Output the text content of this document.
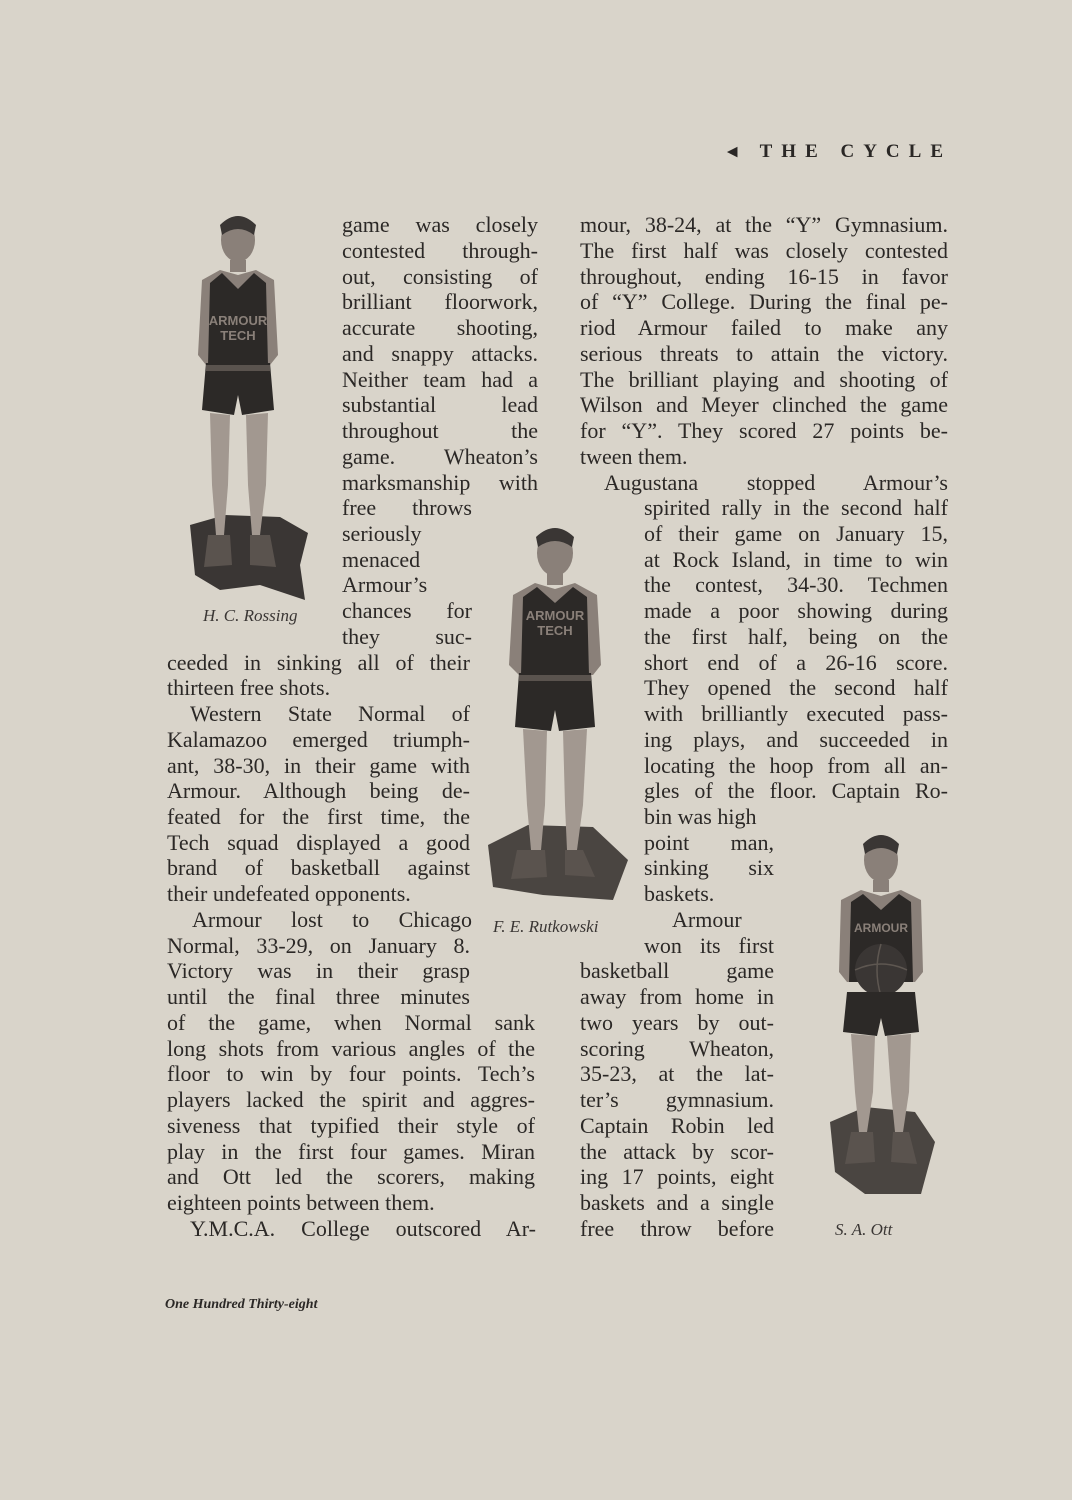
◂ THE CYCLE
ARMOUR
TECH
H. C. Rossing	ARMOUR
TECH
F. E. Rutkowski	ARMOUR
S. A. Ott
game was closely
contested through-
out, consisting of
brilliant floorwork,
accurate shooting,
and snappy attacks.
Neither team had a
substantial lead
throughout the
game. Wheaton’s
marksmanship with
free throws
seriously
menaced
Armour’s
chances for
they suc-
ceeded in sinking all of their
thirteen free shots.
Western State Normal of
Kalamazoo emerged triumph-
ant, 38-30, in their game with
Armour. Although being de-
feated for the first time, the
Tech squad displayed a good
brand of basketball against
their undefeated opponents.
Armour lost to Chicago
Normal, 33-29, on January 8.
Victory was in their grasp
until the final three minutes
of the game, when Normal sank
long shots from various angles of the
floor to win by four points. Tech’s
players lacked the spirit and aggres-
siveness that typified their style of
play in the first four games. Miran
and Ott led the scorers, making
eighteen points between them.
Y.M.C.A. College outscored Ar-
mour, 38-24, at the “Y” Gymnasium.
The first half was closely contested
throughout, ending 16-15 in favor
of “Y” College. During the final pe-
riod Armour failed to make any
serious threats to attain the victory.
The brilliant playing and shooting of
Wilson and Meyer clinched the game
for “Y”. They scored 27 points be-
tween them.
Augustana stopped Armour’s
spirited rally in the second half
of their game on January 15,
at Rock Island, in time to win
the contest, 34-30. Techmen
made a poor showing during
the first half, being on the
short end of a 26-16 score.
They opened the second half
with brilliantly executed pass-
ing plays, and succeeded in
locating the hoop from all an-
gles of the floor. Captain Ro-
bin was high
point man,
sinking six
baskets.
Armour
won its first
basketball game
away from home in
two years by out-
scoring Wheaton,
35-23, at the lat-
ter’s gymnasium.
Captain Robin led
the attack by scor-
ing 17 points, eight
baskets and a single
free throw before
One Hundred Thirty-eight
